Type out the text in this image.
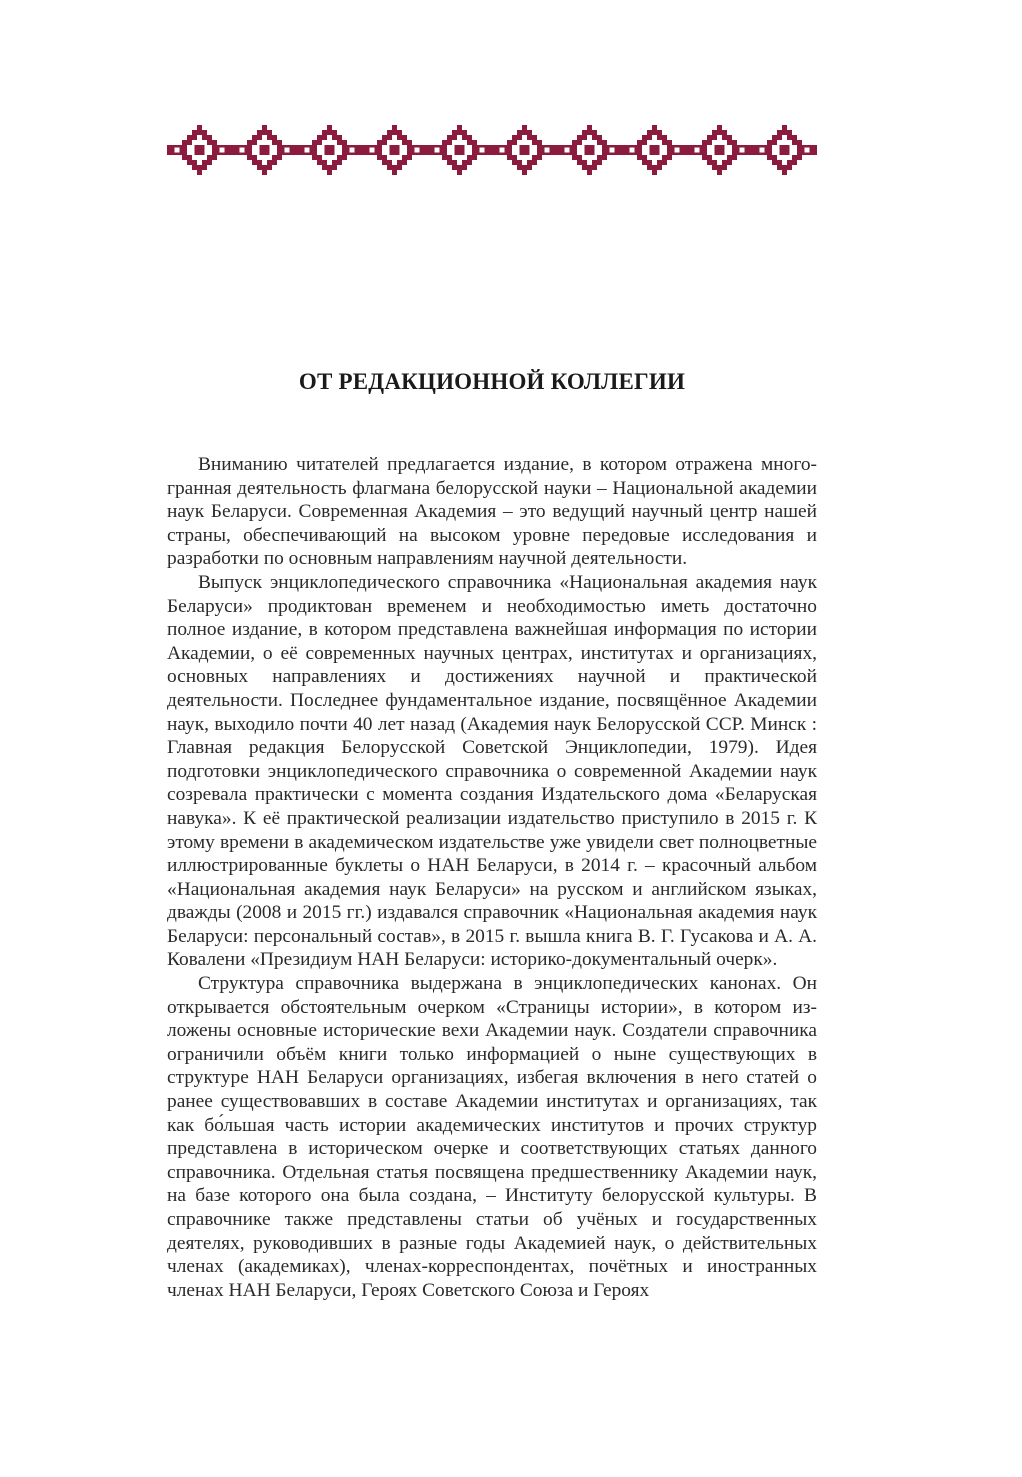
ОТ РЕДАКЦИОННОЙ КОЛЛЕГИИ

Вниманию читателей предлагается издание, в котором отражена многогранная деятельность флагмана белорусской науки – Национальной академии наук Беларуси. Современная Академия – это ведущий научный центр нашей страны, обеспечивающий на высоком уровне передовые исследования и разработки по основным направлениям научной деятельности.

Выпуск энциклопедического справочника «Национальная академия наук Беларуси» продиктован временем и необходимостью иметь достаточно полное издание, в котором представлена важнейшая информация по истории Академии, о её современных научных центрах, институтах и организациях, основных направлениях и достижениях научной и практической деятельности. Последнее фундаментальное издание, посвящённое Академии наук, выходило почти 40 лет назад (Академия наук Белорусской ССР. Минск : Главная редакция Белорусской Советской Энциклопедии, 1979). Идея подготовки энциклопедического справочника о современной Академии наук созревала практически с момента создания Издательского дома «Беларуская навука». К её практической реализации издательство приступило в 2015 г. К этому времени в академическом издательстве уже увидели свет полноцветные иллюстрированные буклеты о НАН Беларуси, в 2014 г. – красочный альбом «Национальная академия наук Беларуси» на русском и английском языках, дважды (2008 и 2015 гг.) издавался справочник «Национальная академия наук Беларуси: персональный состав», в 2015 г. вышла книга В. Г. Гусакова и А. А. Ковалени «Президиум НАН Беларуси: историко-документальный очерк».

Структура справочника выдержана в энциклопедических канонах. Он открывается обстоятельным очерком «Страницы истории», в котором изложены основные исторические вехи Академии наук. Создатели справочника ограничили объём книги только информацией о ныне существующих в структуре НАН Беларуси организациях, избегая включения в него статей о ранее существовавших в составе Академии институтах и организациях, так как бо́льшая часть истории академических институтов и прочих структур представлена в историческом очерке и соответствующих статьях данного справочника. Отдельная статья посвящена предшественнику Академии наук, на базе которого она была создана, – Институту белорусской культуры. В справочнике также представлены статьи об учёных и государственных деятелях, руководивших в разные годы Академией наук, о действительных членах (академиках), членах-корреспондентах, почётных и иностранных членах НАН Беларуси, Героях Советского Союза и Героях
